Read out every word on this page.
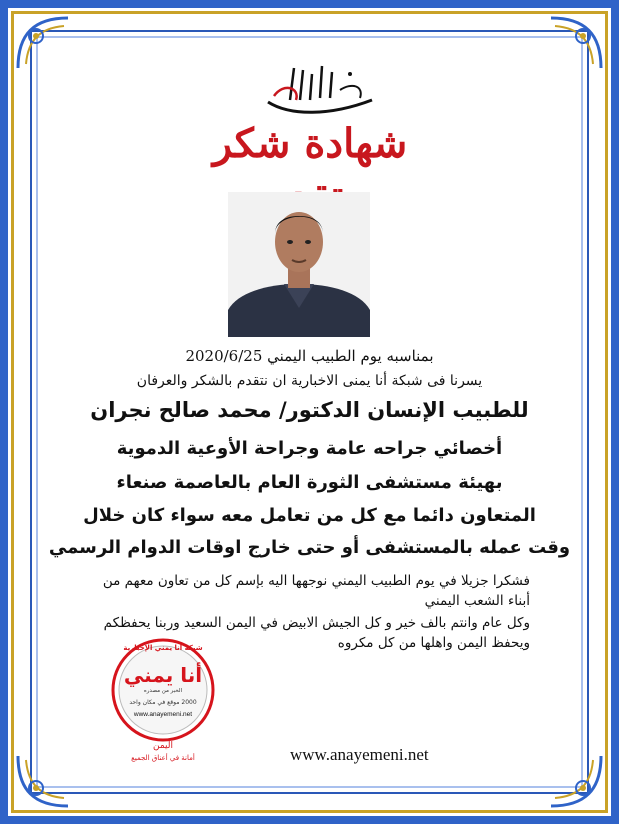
شهادة شكر
بمناسبه يوم الطبيب اليمني 2020/6/25
يسرنا فى شبكة أنا يمنى الاخبارية ان نتقدم بالشكر والعرفان
للطبيب الإنسان الدكتور/ محمد صالح نجران
أخصائي جراحه عامة وجراحة الأوعية الدموية
بهيئة مستشفى الثورة العام بالعاصمة صنعاء
المتعاون دائما مع كل من تعامل معه سواء كان خلال
وقت عمله بالمستشفى أو حتى خارج اوقات الدوام الرسمي
فشكرا جزيلا في يوم الطبيب اليمني نوجهها اليه بإسم كل من تعاون معهم من أبناء الشعب اليمني
وكل عام وانتم بالف خير و كل الجيش الابيض في اليمن السعيد وربنا يحفظكم ويحفظ اليمن واهلها من كل مكروه
شبكة أنا يمني الإخبارية
أنا يمني
الخبر من مصدره
2000 موقع في مكان واحد
www.anayemeni.net
اليمن
أمانة في أعناق الجميع	www.anayemeni.net
